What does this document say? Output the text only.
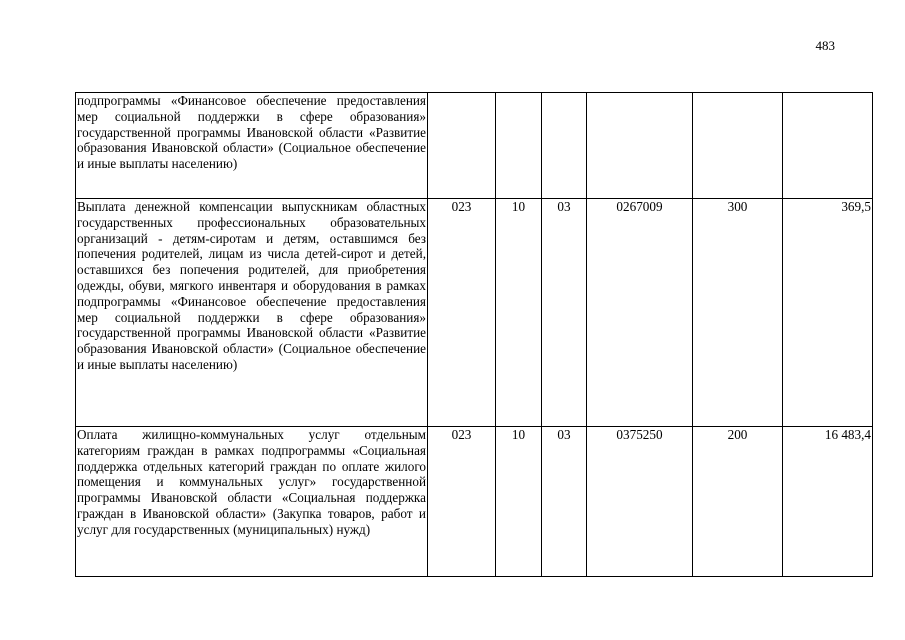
483
подпрограммы «Финансовое обеспечение предоставления мер социальной поддержки в сфере образования» государственной программы Ивановской области «Развитие образования Ивановской области» (Социальное обеспечение и иные выплаты населению)						
Выплата денежной компенсации выпускникам областных государственных профессиональных образовательных организаций - детям-сиротам и детям, оставшимся без попечения родителей, лицам из числа детей-сирот и детей, оставшихся без попечения родителей, для приобретения одежды, обуви, мягкого инвентаря и оборудования в рамках подпрограммы «Финансовое обеспечение предоставления мер социальной поддержки в сфере образования» государственной программы Ивановской области «Развитие образования Ивановской области» (Социальное обеспечение и иные выплаты населению)	023	10	03	0267009	300	369,5
Оплата жилищно-коммунальных услуг отдельным категориям граждан в рамках подпрограммы «Социальная поддержка отдельных категорий граждан по оплате жилого помещения и коммунальных услуг» государственной программы Ивановской области «Социальная поддержка граждан в Ивановской области» (Закупка товаров, работ и услуг для государственных (муниципальных) нужд)	023	10	03	0375250	200	16 483,4
